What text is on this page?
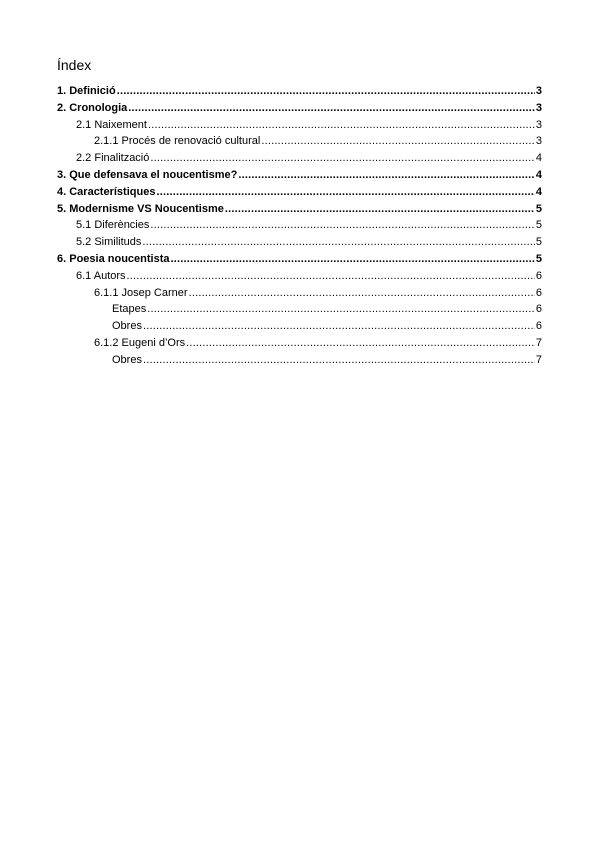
Índex
1. Definició .....	3
2. Cronologia .....	3
2.1 Naixement .....	3
2.1.1 Procés de renovació cultural .....	3
2.2 Finalització .....	4
3. Que defensava el noucentisme? .....	4
4. Característiques .....	4
5. Modernisme VS Noucentisme .....	5
5.1 Diferències .....	5
5.2 Similituds .....	5
6. Poesia noucentista .....	5
6.1 Autors .....	6
6.1.1 Josep Carner .....	6
Etapes .....	6
Obres .....	6
6.1.2 Eugeni d’Ors .....	7
Obres .....	7
